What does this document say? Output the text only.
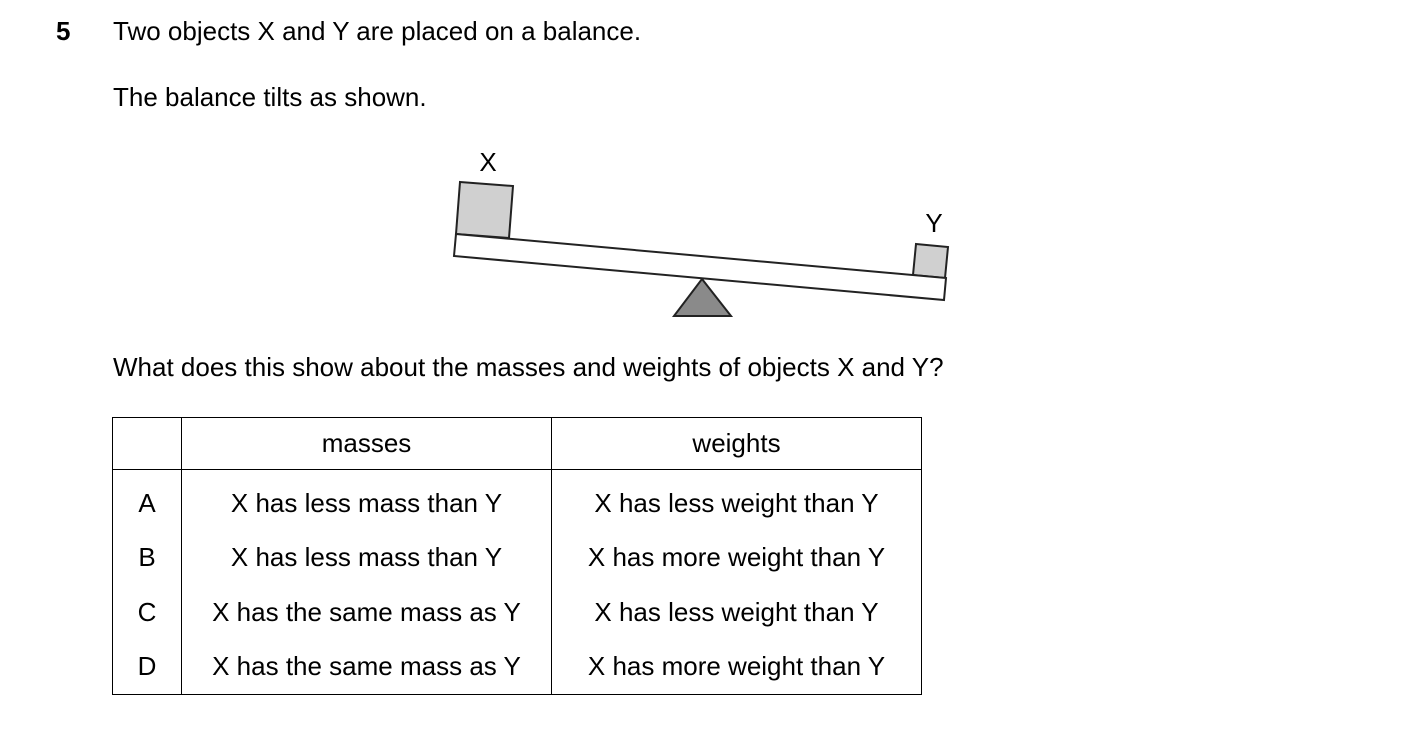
5 Two objects X and Y are placed on a balance.
The balance tilts as shown.
X
Y
What does this show about the masses and weights of objects X and Y?
	masses	weights
A	X has less mass than Y	X has less weight than Y
B	X has less mass than Y	X has more weight than Y
C	X has the same mass as Y	X has less weight than Y
D	X has the same mass as Y	X has more weight than Y
